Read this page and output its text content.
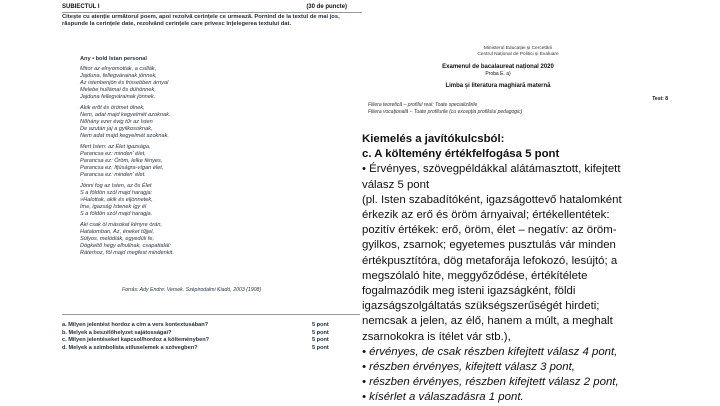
SUBIECTUL I	(30 de puncte)
Citește cu atenție următorul poem, apoi rezolvă cerințele ce urmează. Pornind de la textul de mai jos, răspunde la cerințele date, rezolvând cerințele care privesc înțelegerea textului dat.

Any • bold Istan personal

Mitor az elnyomottak, a csillák,

Jajduna, fellegvárainak jönnek,

Az istenbenjön és frissebben árnyal

Melebe hullámai ős dühönnek,

Jajduna fellegvárainak jönnek.

Akik erőt és örömet ölnek,

Nem, adat majd kegyelmét azoknak.

Nőhány ezer évig tűr az Isten

De azután jaj a gyilkosoknak,

Nem adat majd kegyelmét azoknak.

Mert Isten: az Élet igazsága,

Parancsa ez: minden' élet,

Parancsa ez: Öröm, lelke fényes,

Parancsa ez: Ifjúságra-vígan élet,

Parancsa ez: minden' élet.

Jönni fog az Isten, az ős Élet

S a földön szól majd haragja:

»Halottak, akik és eljönnetek,

Íme, igazság Istenek így él

S a földön szól majd haragja.

Aki csak öl másokat kényre órán,

Hatalomban, Az, éneket tűjjel,

Súlyos, melódiák, egyedüli fe,

Dögkeltő hegy elhullnak, csapattalál:

Ráterhoz, föl majd megfest mindenkit.

Forrás: Ady Endre: Versek. Szépirodalmi Kiadó, 2003 (1908)
a. Milyen jelentést hordoz a cím a vers kontextusában?	5 pont
b. Melyek a beszélőhelyzet sajátosságai?	5 pont
c. Milyen jelentéseket kapcsol/hordoz a költeményben?	5 pont
d. Melyek a szimbolista stíluselemek a szövegben?	5 pont
Ministerul Educației și Cercetării
Centrul Național de Politici și Evaluare
Examenul de bacalaureat național 2020
Proba E. a)
Limba și literatura maghiară maternă
Test: 8
Filiera teoretică – profilul real: Toate specializările
Filiera vocațională – Toate profilurile (cu excepția profilului pedagogic)
Kiemelés a javítókulcsból:
c. A költemény értékfelfogása 5 pont
• Érvényes, szövegpéldákkal alátámasztott, kifejtett
válasz 5 pont
(pl. Isten szabadítóként, igazságottevő hatalomként
érkezik az erő és öröm árnyaival; értékellentétek:
pozitív értékek: erő, öröm, élet – negatív: az öröm-
gyilkos, zsarnok; egyetemes pusztulás vár minden
értékpusztítóra, dög metaforája lefokozó, lesújtó; a
megszólaló hite, meggyőződése, értékítélete
fogalmazódik meg isteni igazságként, földi
igazságszolgáltatás szükségszerűségét hirdeti;
nemcsak a jelen, az élő, hanem a múlt, a meghalt
zsarnokokra is ítélet vár stb.),
• érvényes, de csak részben kifejtett válasz 4 pont,
• részben érvényes, kifejtett válasz 3 pont,
• részben érvényes, részben kifejtett válasz 2 pont,
• kísérlet a válaszadásra 1 pont.
